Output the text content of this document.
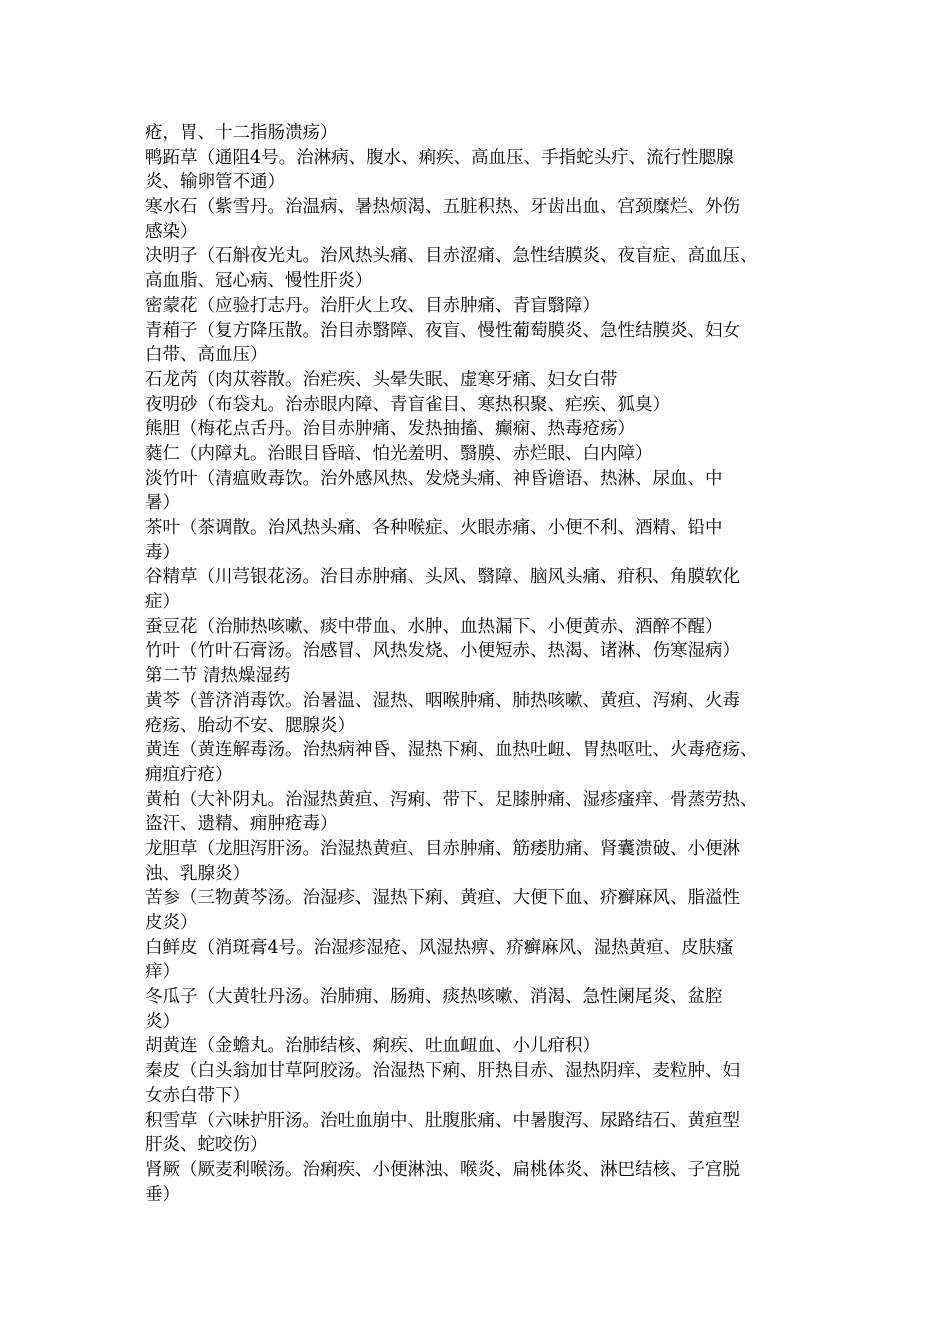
疮，胃、十二指肠溃疡）
鸭跖草（通阻4号。治淋病、腹水、痢疾、高血压、手指蛇头疔、流行性腮腺
炎、输卵管不通）
寒水石（紫雪丹。治温病、暑热烦渴、五脏积热、牙齿出血、宫颈糜烂、外伤
感染）
决明子（石斛夜光丸。治风热头痛、目赤涩痛、急性结膜炎、夜盲症、高血压、
高血脂、冠心病、慢性肝炎）
密蒙花（应验打志丹。治肝火上攻、目赤肿痛、青盲翳障）
青葙子（复方降压散。治目赤翳障、夜盲、慢性葡萄膜炎、急性结膜炎、妇女
白带、高血压）
石龙芮（肉苁蓉散。治疟疾、头晕失眠、虚寒牙痛、妇女白带
夜明砂（布袋丸。治赤眼内障、青盲雀目、寒热积聚、疟疾、狐臭）
熊胆（梅花点舌丹。治目赤肿痛、发热抽搐、癫痫、热毒疮疡）
蕤仁（内障丸。治眼目昏暗、怕光羞明、翳膜、赤烂眼、白内障）
淡竹叶（清瘟败毒饮。治外感风热、发烧头痛、神昏谵语、热淋、尿血、中
暑）
茶叶（茶调散。治风热头痛、各种喉症、火眼赤痛、小便不利、酒精、铅中
毒）
谷精草（川芎银花汤。治目赤肿痛、头风、翳障、脑风头痛、疳积、角膜软化
症）
蚕豆花（治肺热咳嗽、痰中带血、水肿、血热漏下、小便黄赤、酒醉不醒）
竹叶（竹叶石膏汤。治感冒、风热发烧、小便短赤、热渴、诸淋、伤寒湿病）
第二节 清热燥湿药
黄芩（普济消毒饮。治暑温、湿热、咽喉肿痛、肺热咳嗽、黄疸、泻痢、火毒
疮疡、胎动不安、腮腺炎）
黄连（黄连解毒汤。治热病神昏、湿热下痢、血热吐衄、胃热呕吐、火毒疮疡、
痈疽疔疮）
黄柏（大补阴丸。治湿热黄疸、泻痢、带下、足膝肿痛、湿疹瘙痒、骨蒸劳热、
盗汗、遗精、痈肿疮毒）
龙胆草（龙胆泻肝汤。治湿热黄疸、目赤肿痛、筋痿肋痛、肾囊溃破、小便淋
浊、乳腺炎）
苦参（三物黄芩汤。治湿疹、湿热下痢、黄疸、大便下血、疥癣麻风、脂溢性
皮炎）
白鲜皮（消斑膏4号。治湿疹湿疮、风湿热痹、疥癣麻风、湿热黄疸、皮肤瘙
痒）
冬瓜子（大黄牡丹汤。治肺痈、肠痈、痰热咳嗽、消渴、急性阑尾炎、盆腔
炎）
胡黄连（金蟾丸。治肺结核、痢疾、吐血衄血、小儿疳积）
秦皮（白头翁加甘草阿胶汤。治湿热下痢、肝热目赤、湿热阴痒、麦粒肿、妇
女赤白带下）
积雪草（六味护肝汤。治吐血崩中、肚腹胀痛、中暑腹泻、尿路结石、黄疸型
肝炎、蛇咬伤）
肾厥（厥麦利喉汤。治痢疾、小便淋浊、喉炎、扁桃体炎、淋巴结核、子宫脱
垂）
